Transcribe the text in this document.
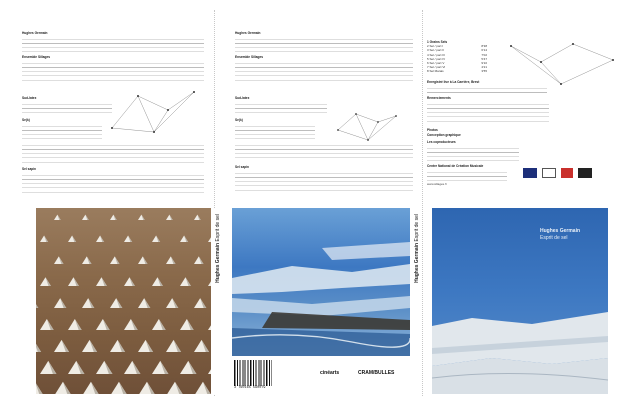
Hughes Germain
Ensemble Sillages
Sud-latex
Se(k)
Sel sapin
Hughes Germain
Ensemble Sillages
Sud-latex
Se(k)
Sel sapin
1 Grains Sels
2 Sel / part I	8'38
3 Sel / part II	6'14
4 Sel / part III	7'02
5 Sel / part IV	5'47
6 Sel / part V	9'10
7 Sel / part VI	4'21
8 Sel Marais	3'55
Enregistré live à La Carrière, Brest
Remerciements
Photos
Conception graphique
Les coproducteurs
Centre National de Création Musicale
www.sillages.fr
Hughes Germain Esprit de sel
3 760165 590079
cinéarts	CRAM/BULLES
Hughes Germain Esprit de sel	Hughes Germain
Esprit de sel
